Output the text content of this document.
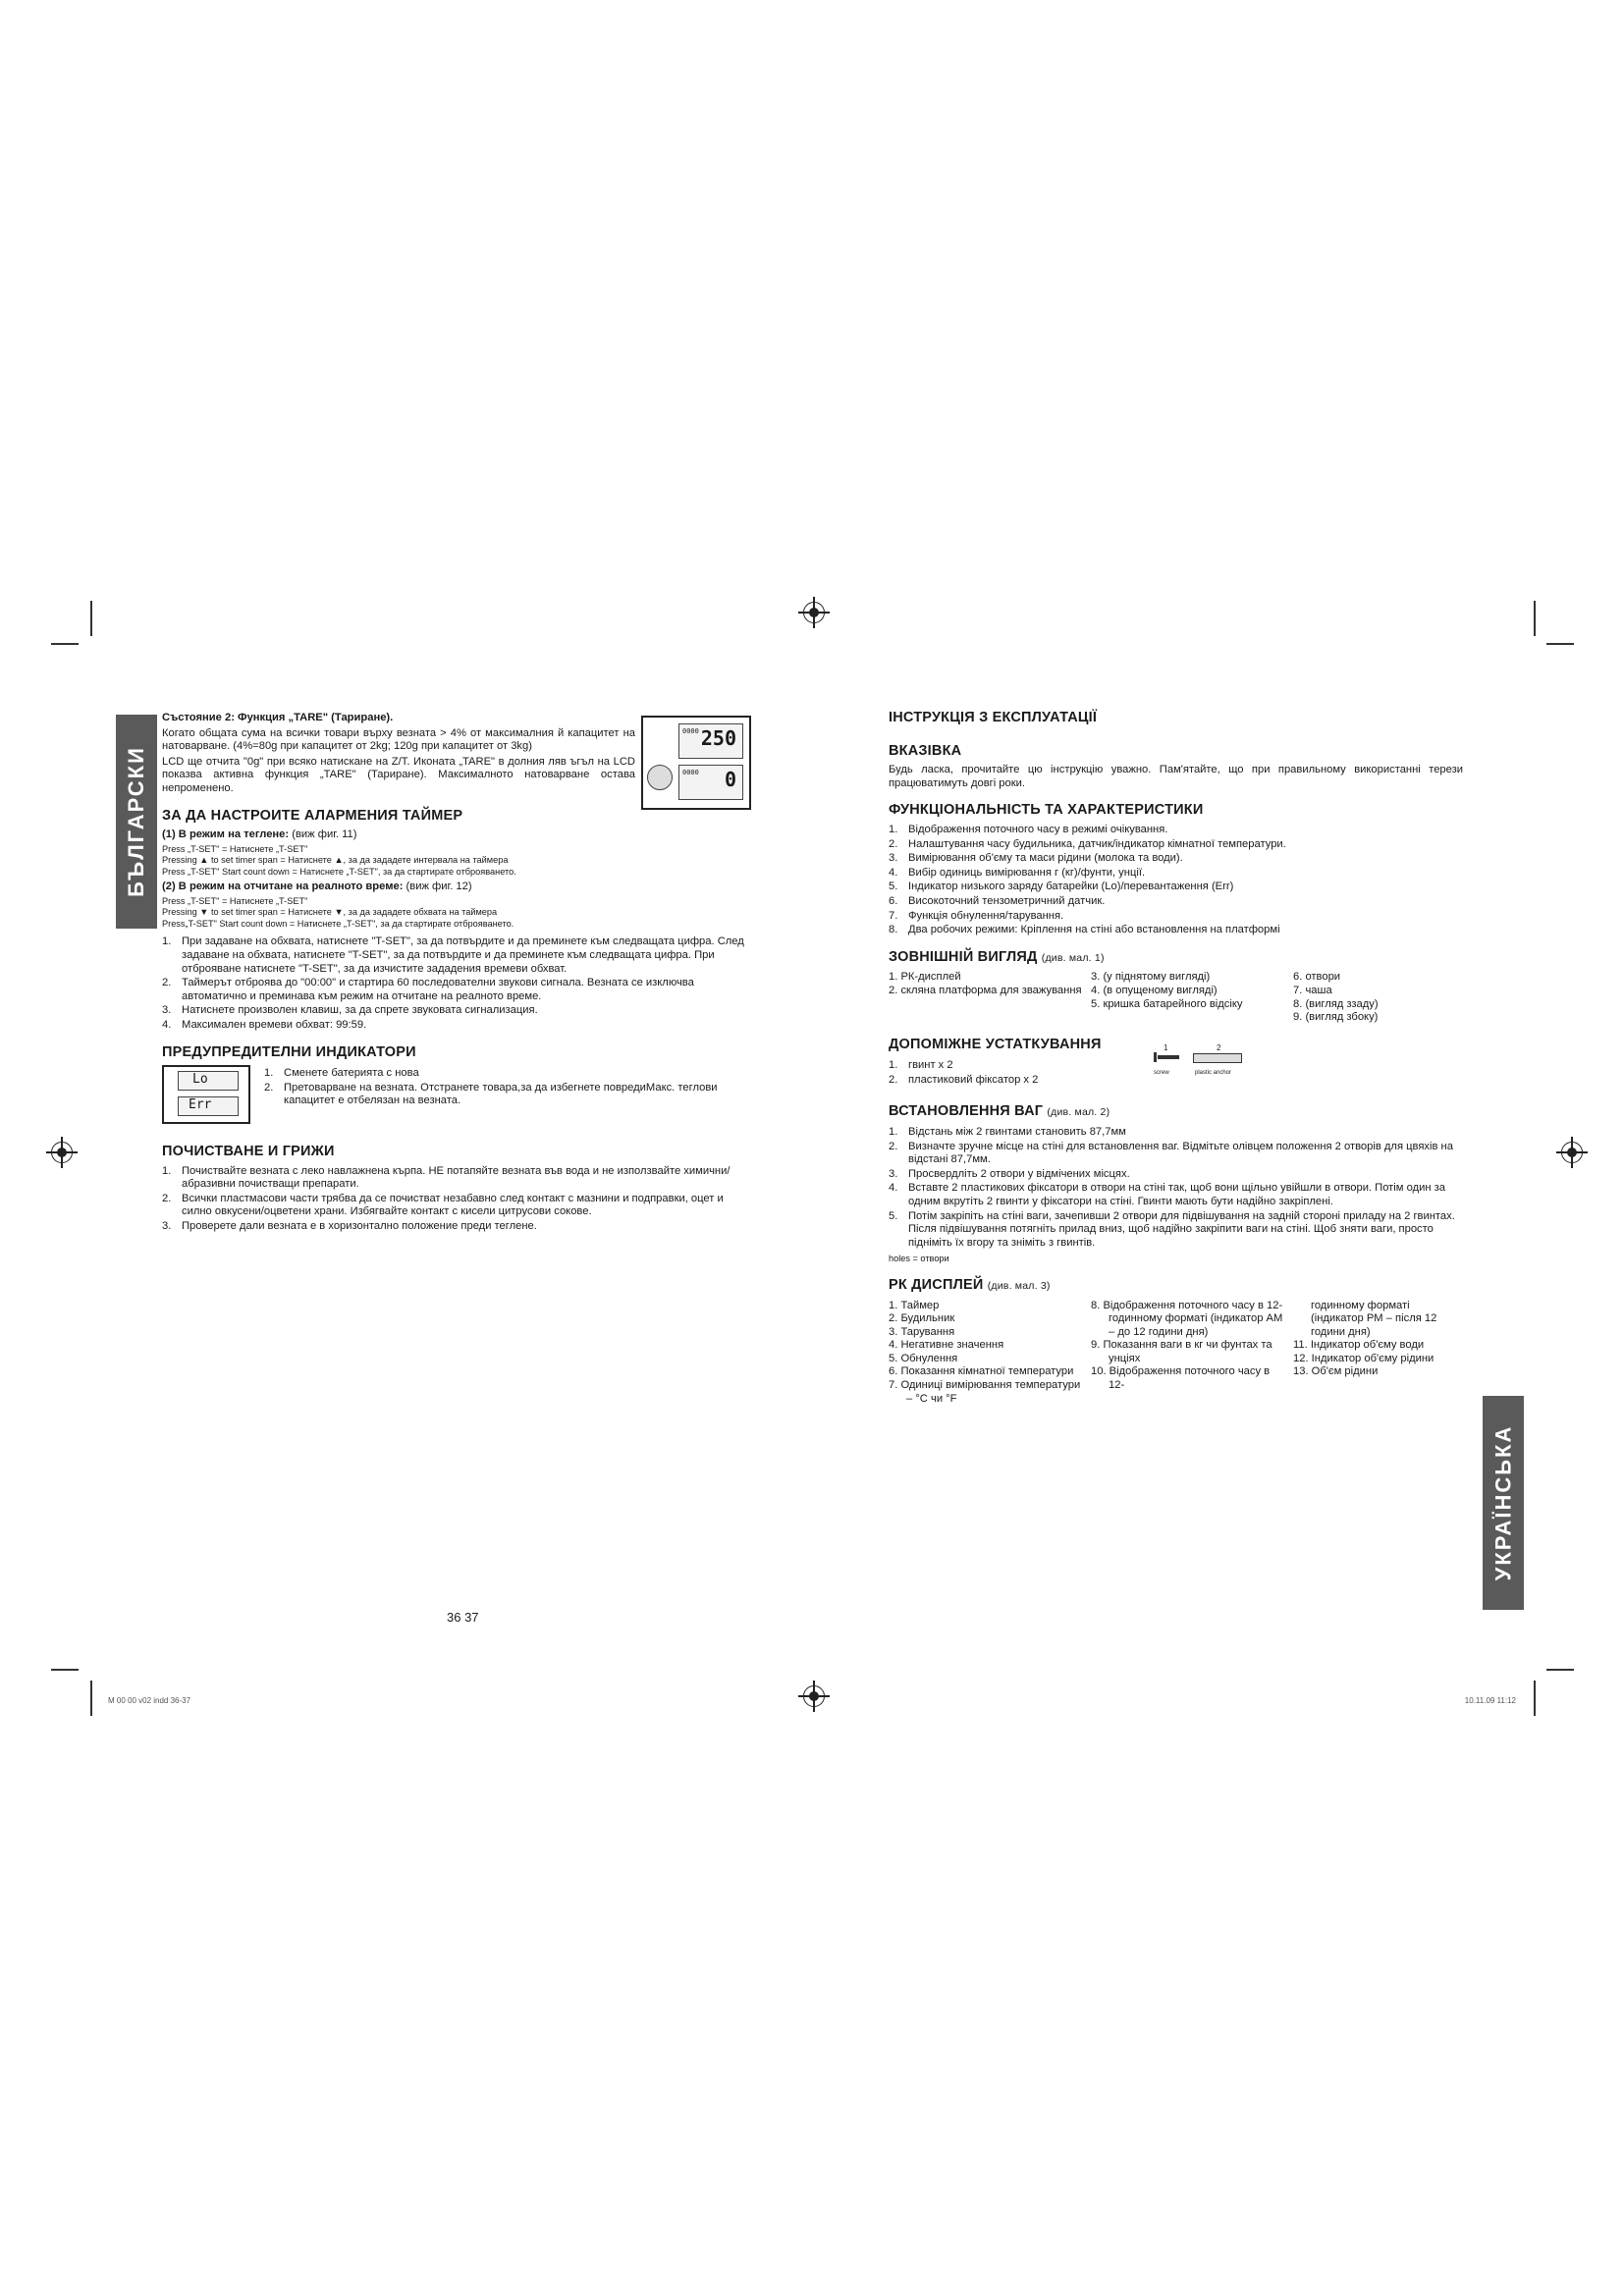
БЪЛГАРСКИ
УКРАЇНСЬКА

Състояние 2: Функция „TARE" (Тариране).

Когато общата сума на всички товари върху везната > 4% от максималния й капацитет на натоварване. (4%=80g при капацитет от 2kg; 120g при капацитет от 3kg)

LCD ще отчита "0g" при всяко натискане на Z/T. Иконата „TARE" в долния ляв ъгъл на LCD показва активна функция „TARE" (Тариране). Максималното натоварване остава непроменено.

0000 250
0000 0
ЗА ДА НАСТРОИТЕ АЛАРМЕНИЯ ТАЙМЕР

(1) В режим на теглене: (виж фиг. 11)

Press „T-SET" = Натиснете „T-SET"
Pressing ▲ to set timer span = Натиснете ▲, за да зададете интервала на таймера
Press „T-SET" Start count down = Натиснете „T-SET", за да стартирате отброяването.

(2) В режим на отчитане на реалното време: (виж фиг. 12)

Press „T-SET" = Натиснете „T-SET"
Pressing ▼ to set timer span = Натиснете ▼, за да зададете обхвата на таймера
Press„T-SET" Start count down = Натиснете „T-SET", за да стартирате отброяването.
1. При задаване на обхвата, натиснете "T-SET", за да потвърдите и да преминете към следващата цифра. След задаване на обхвата, натиснете "T-SET", за да потвърдите и да преминете към следващата цифра. При отброяване натиснете "T-SET", за да изчистите зададения времеви обхват.
2. Таймерът отброява до "00:00" и стартира 60 последователни звукови сигнала. Везната се изключва автоматично и преминава към режим на отчитане на реалното време.
3. Натиснете произволен клавиш, за да спрете звуковата сигнализация.
4. Максимален времеви обхват: 99:59.
ПРЕДУПРЕДИТЕЛНИ ИНДИКАТОРИ
Lo
Err
1. Сменете батерията с нова
2. Претоварване на везната. Отстранете товара,за да избегнете повредиМакс. теглови капацитет е отбелязан на везната.
ПОЧИСТВАНЕ И ГРИЖИ
1. Почиствайте везната с леко навлажнена кърпа. НЕ потапяйте везната във вода и не използвайте химични/абразивни почистващи препарати.
2. Всички пластмасови части трябва да се почистват незабавно след контакт с мазнини и подправки, оцет и силно овкусени/оцветени храни. Избягвайте контакт с кисели цитрусови сокове.
3. Проверете дали везната е в хоризонтално положение преди теглене.
ІНСТРУКЦІЯ З ЕКСПЛУАТАЦІЇ
ВКАЗІВКА

Будь ласка, прочитайте цю інструкцію уважно. Пам'ятайте, що при правильному використанні терези працюватимуть довгі роки.

ФУНКЦІОНАЛЬНІСТЬ ТА ХАРАКТЕРИСТИКИ
1. Відображення поточного часу в режимі очікування.
2. Налаштування часу будильника, датчик/індикатор кімнатної температури.
3. Вимірювання об'єму та маси рідини (молока та води).
4. Вибір одиниць вимірювання г (кг)/фунти, унції.
5. Індикатор низького заряду батарейки (Lo)/перевантаження (Err)
6. Високоточний тензометричний датчик.
7. Функція обнулення/тарування.
8. Два робочих режими: Кріплення на стіні або встановлення на платформі
ЗОВНІШНІЙ ВИГЛЯД (див. мал. 1)
1. РК-дисплей
2. скляна платформа для зважування
3. (у піднятому вигляді)
4. (в опущеному вигляді)
5. кришка батарейного відсіку
6. отвори
7. чаша
8. (вигляд ззаду)
9. (вигляд збоку)
ДОПОМІЖНЕ УСТАТКУВАННЯ
1. гвинт x 2
2. пластиковий фіксатор x 2
1	2
screw	plastic anchor
ВСТАНОВЛЕННЯ ВАГ (див. мал. 2)
1. Відстань між 2 гвинтами становить 87,7мм
2. Визначте зручне місце на стіні для встановлення ваг. Відмітьте олівцем положення 2 отворів для цвяхів на відстані 87,7мм.
3. Просвердліть 2 отвори у відмічених місцях.
4. Вставте 2 пластикових фіксатори в отвори на стіні так, щоб вони щільно увійшли в отвори. Потім один за одним вкрутіть 2 гвинти у фіксатори на стіні. Гвинти мають бути надійно закріплені.
5. Потім закріпіть на стіні ваги, зачепивши 2 отвори для підвішування на задній стороні приладу на 2 гвинтах. Після підвішування потягніть прилад вниз, щоб надійно закріпити ваги на стіні. Щоб зняти ваги, просто підніміть їх вгору та зніміть з гвинтів.
holes = отвори
РК ДИСПЛЕЙ (див. мал. 3)
1. Таймер
2. Будильник
3. Тарування
4. Негативне значення
5. Обнулення
6. Показання кімнатної температури
7. Одиниці вимірювання температури – °C чи °F
8. Відображення поточного часу в 12-годинному форматі (індикатор AM – до 12 години дня)
9. Показання ваги в кг чи фунтах та унціях
10. Відображення поточного часу в 12-
годинному форматі (індикатор PM – після 12 години дня)
11. Індикатор об'єму води
12. Індикатор об'єму рідини
13. Об'єм рідини
36 37
M 00 00 v02 indd 36-37	10.11.09 11:12
